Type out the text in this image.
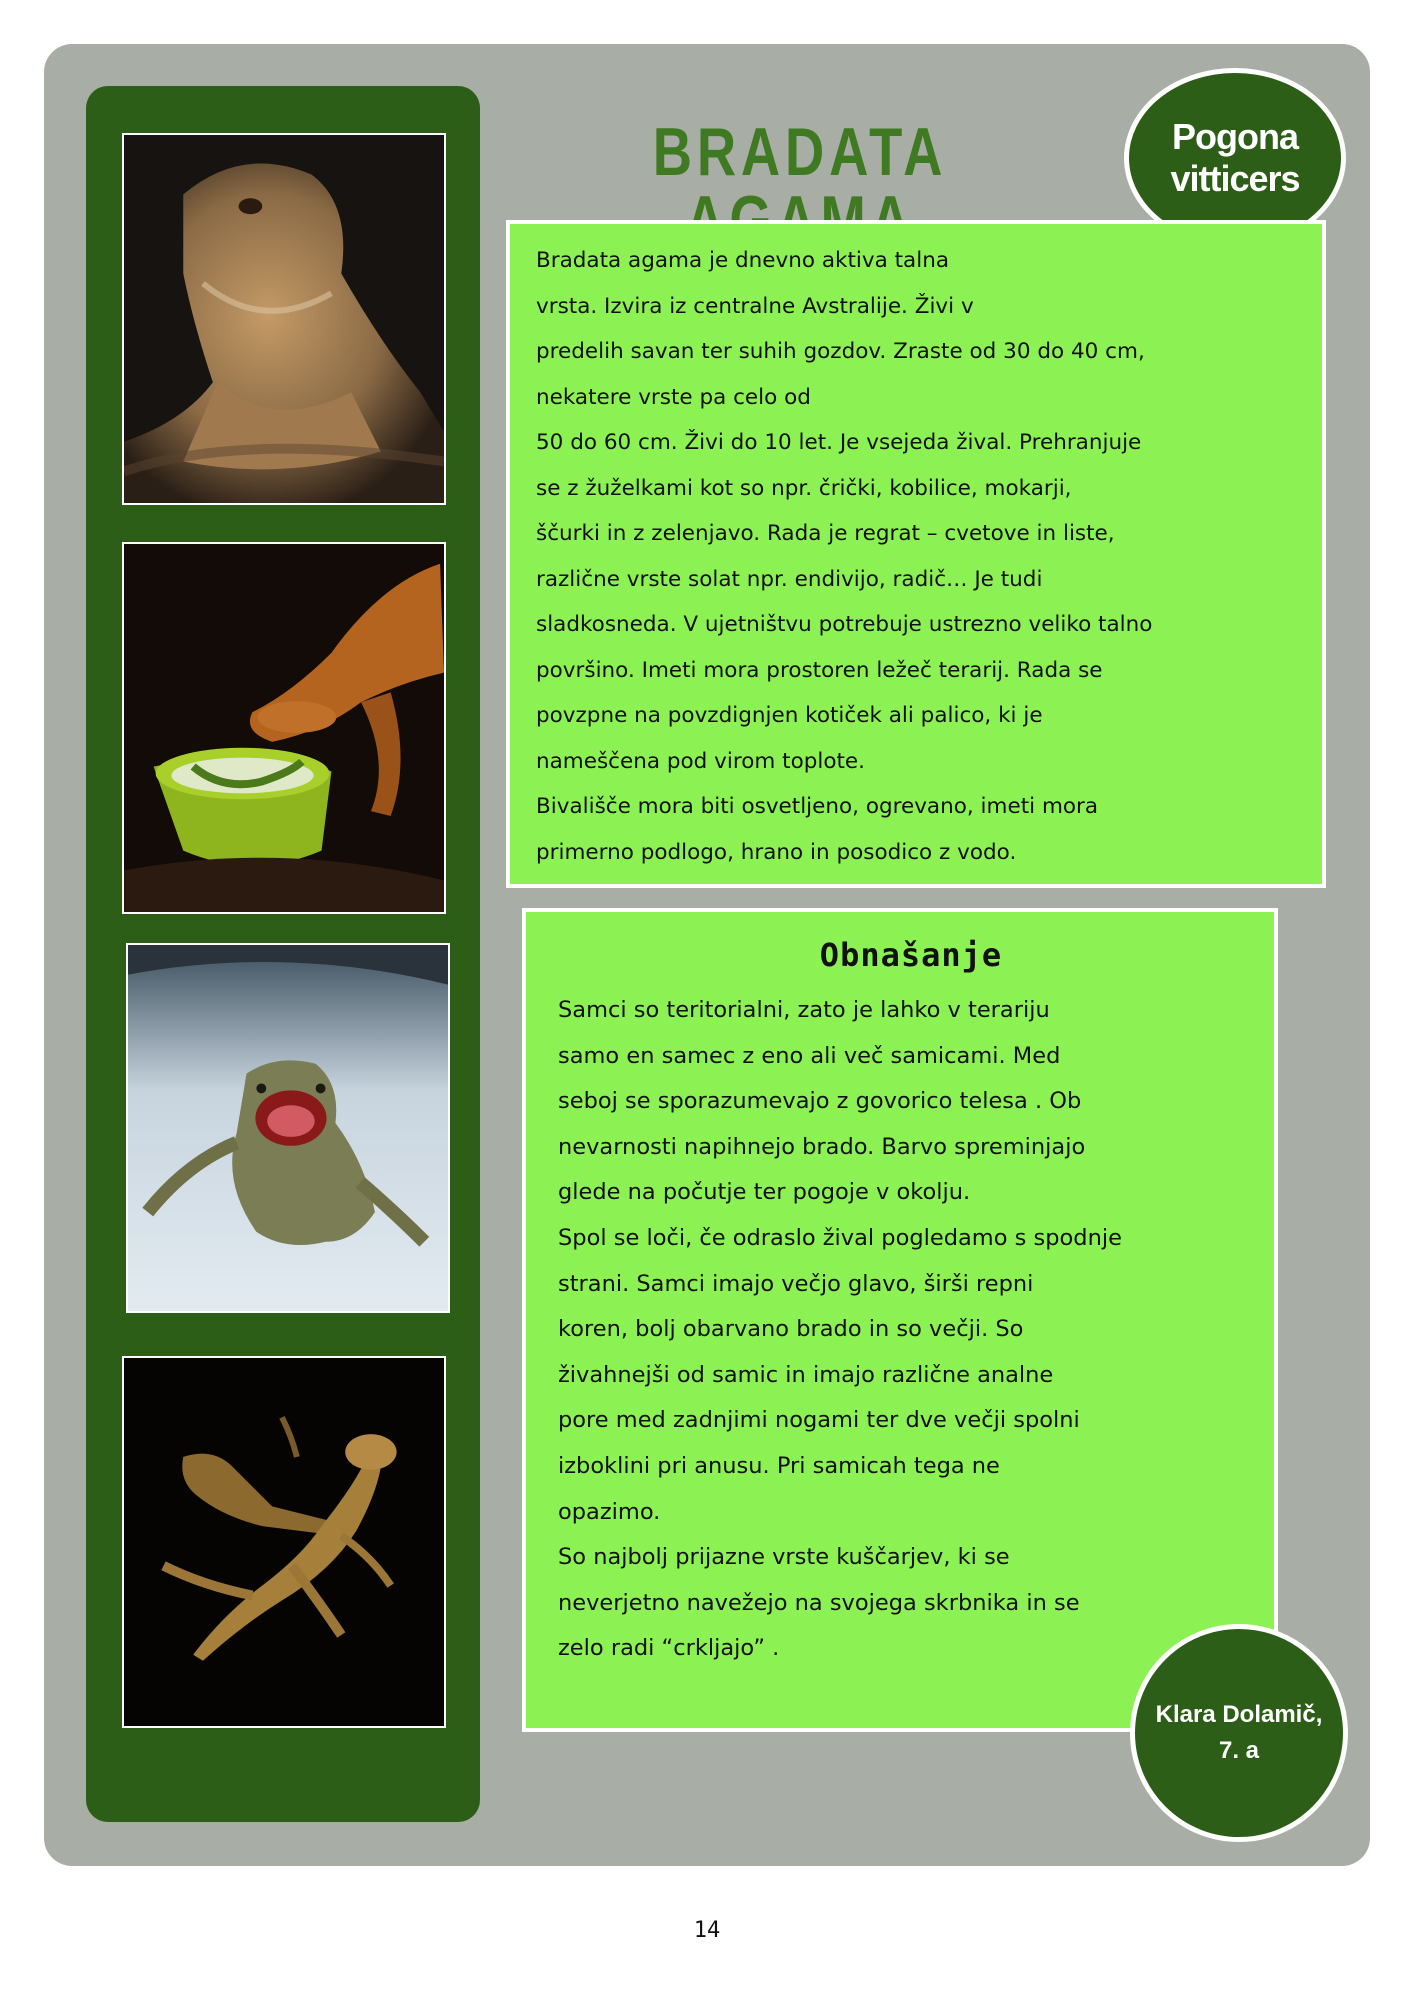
BRADATA	Pogona
vitticers
Bradata agama je dnevno aktiva talna
vrsta. Izvira iz centralne Avstralije. Živi v
predelih savan ter suhih gozdov. Zraste od 30 do 40 cm,
nekatere vrste pa celo od
50 do 60 cm. Živi do 10 let. Je vsejeda žival. Prehranjuje
se z žuželkami kot so npr. črički, kobilice, mokarji,
ščurki in z zelenjavo. Rada je regrat – cvetove in liste,
različne vrste solat npr. endivijo, radič… Je tudi
sladkosneda. V ujetništvu potrebuje ustrezno veliko talno
površino. Imeti mora prostoren ležeč terarij. Rada se
povzpne na povzdignjen kotiček ali palico, ki je
nameščena pod virom toplote.
Bivališče mora biti osvetljeno, ogrevano, imeti mora
primerno podlogo, hrano in posodico z vodo.
Obnašanje
Samci so teritorialni, zato je lahko v terariju
samo en samec z eno ali več samicami. Med
seboj se sporazumevajo z govorico telesa . Ob
nevarnosti napihnejo brado. Barvo spreminjajo
glede na počutje ter pogoje v okolju.
Spol se loči, če odraslo žival pogledamo s spodnje
strani. Samci imajo večjo glavo, širši repni
koren, bolj obarvano brado in so večji. So
živahnejši od samic in imajo različne analne
pore med zadnjimi nogami ter dve večji spolni
izboklini pri anusu. Pri samicah tega ne
opazimo.
So najbolj prijazne vrste kuščarjev, ki se
neverjetno navežejo na svojega skrbnika in se
zelo radi “crkljajo” .
Klara Dolamič,
7. a
14
